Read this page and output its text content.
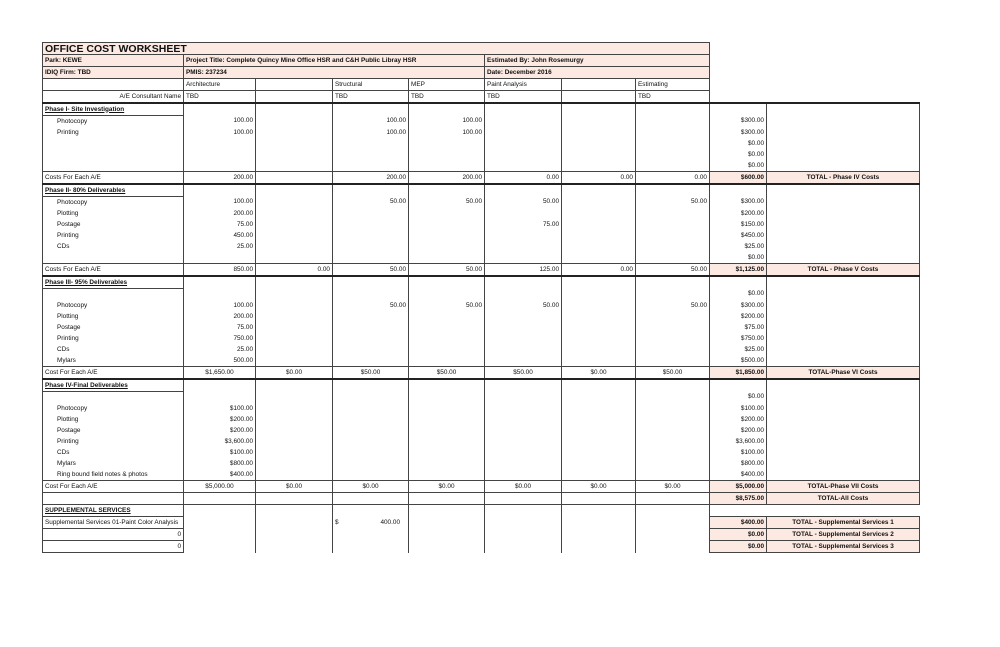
OFFICE COST WORKSHEET									
Park: KEWE	Project Title: Complete Quincy Mine Office HSR and C&H Public Libray HSR				Estimated By: John Rosemurgy				
IDIQ Firm: TBD	PMIS: 237234				Date: December 2016				
	Architecture		Structural	MEP	Paint Analysis		Estimating		
A/E Consultant Name	TBD		TBD	TBD	TBD		TBD		
Phase I- Site Investigation									
Photocopy	100.00		100.00	100.00				$300.00	
Printing	100.00		100.00	100.00				$300.00	
								$0.00	
								$0.00	
								$0.00	
Costs For Each A/E	200.00		200.00	200.00	0.00	0.00	0.00	$600.00	TOTAL - Phase IV Costs
Phase II- 80% Deliverables									
Photocopy	100.00		50.00	50.00	50.00		50.00	$300.00	
Plotting	200.00							$200.00	
Postage	75.00				75.00			$150.00	
Printing	450.00							$450.00	
CDs	25.00							$25.00	
								$0.00	
Costs For Each A/E	850.00	0.00	50.00	50.00	125.00	0.00	50.00	$1,125.00	TOTAL - Phase V Costs
Phase III- 95% Deliverables									
								$0.00	
Photocopy	100.00		50.00	50.00	50.00		50.00	$300.00	
Plotting	200.00							$200.00	
Postage	75.00							$75.00	
Printing	750.00							$750.00	
CDs	25.00							$25.00	
Mylars	500.00							$500.00	
Cost For Each A/E	$1,650.00	$0.00	$50.00	$50.00	$50.00	$0.00	$50.00	$1,850.00	TOTAL-Phase VI Costs
Phase IV-Final Deliverables									
								$0.00	
Photocopy	$100.00							$100.00	
Plotting	$200.00							$200.00	
Postage	$200.00							$200.00	
Printing	$3,600.00							$3,600.00	
CDs	$100.00							$100.00	
Mylars	$800.00							$800.00	
Ring bound field notes & photos	$400.00							$400.00	
Cost For Each A/E	$5,000.00	$0.00	$0.00	$0.00	$0.00	$0.00	$0.00	$5,000.00	TOTAL-Phase VII Costs
								$8,575.00	TOTAL-All Costs
SUPPLEMENTAL SERVICES									
Supplemental Services 01-Paint Color Analysis			$ 400.00					$400.00	TOTAL - Supplemental Services 1
0								$0.00	TOTAL - Supplemental Services 2
0								$0.00	TOTAL - Supplemental Services 3
